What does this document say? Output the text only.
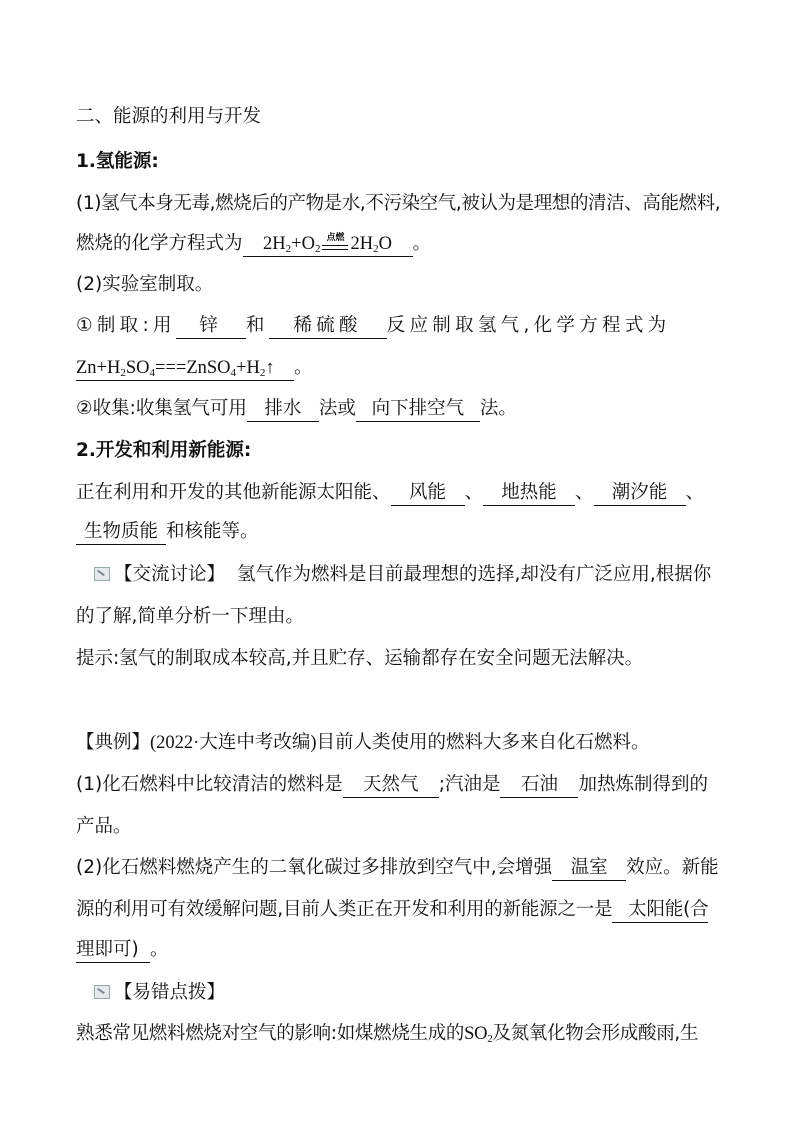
二、能源的利用与开发
1.氢能源:
(1)氢气本身无毒,燃烧后的产物是水,不污染空气,被认为是理想的清洁、高能燃料,
燃烧的化学方程式为 $2H_2+O_2$
点燃 $2H_2O$ 。
(2)实验室制取。
①制取:用 锌 和 稀硫酸 反应制取氢气,化学方程式为
$Zn+H_2SO_4===ZnSO_4+H_2↑$ 。
②收集:收集氢气可用 排水 法或 向下排空气 法。
2.开发和利用新能源:
正在利用和开发的其他新能源太阳能、 风能 、 地热能 、 潮汐能 、
生物质能 和核能等。
【交流讨论】 氢气作为燃料是目前最理想的选择,却没有广泛应用,根据你
的了解,简单分析一下理由。
提示:氢气的制取成本较高,并且贮存、运输都存在安全问题无法解决。
【典例】(2022·大连中考改编)目前人类使用的燃料大多来自化石燃料。
(1)化石燃料中比较清洁的燃料是 天然气 ;汽油是 石油 加热炼制得到的
产品。
(2)化石燃料燃烧产生的二氧化碳过多排放到空气中,会增强 温室 效应。新能
源的利用可有效缓解问题,目前人类正在开发和利用的新能源之一是 太阳能(合
理即可) 。
【易错点拨】
熟悉常见燃料燃烧对空气的影响:如煤燃烧生成的$SO_2$及氮氧化物会形成酸雨,生
